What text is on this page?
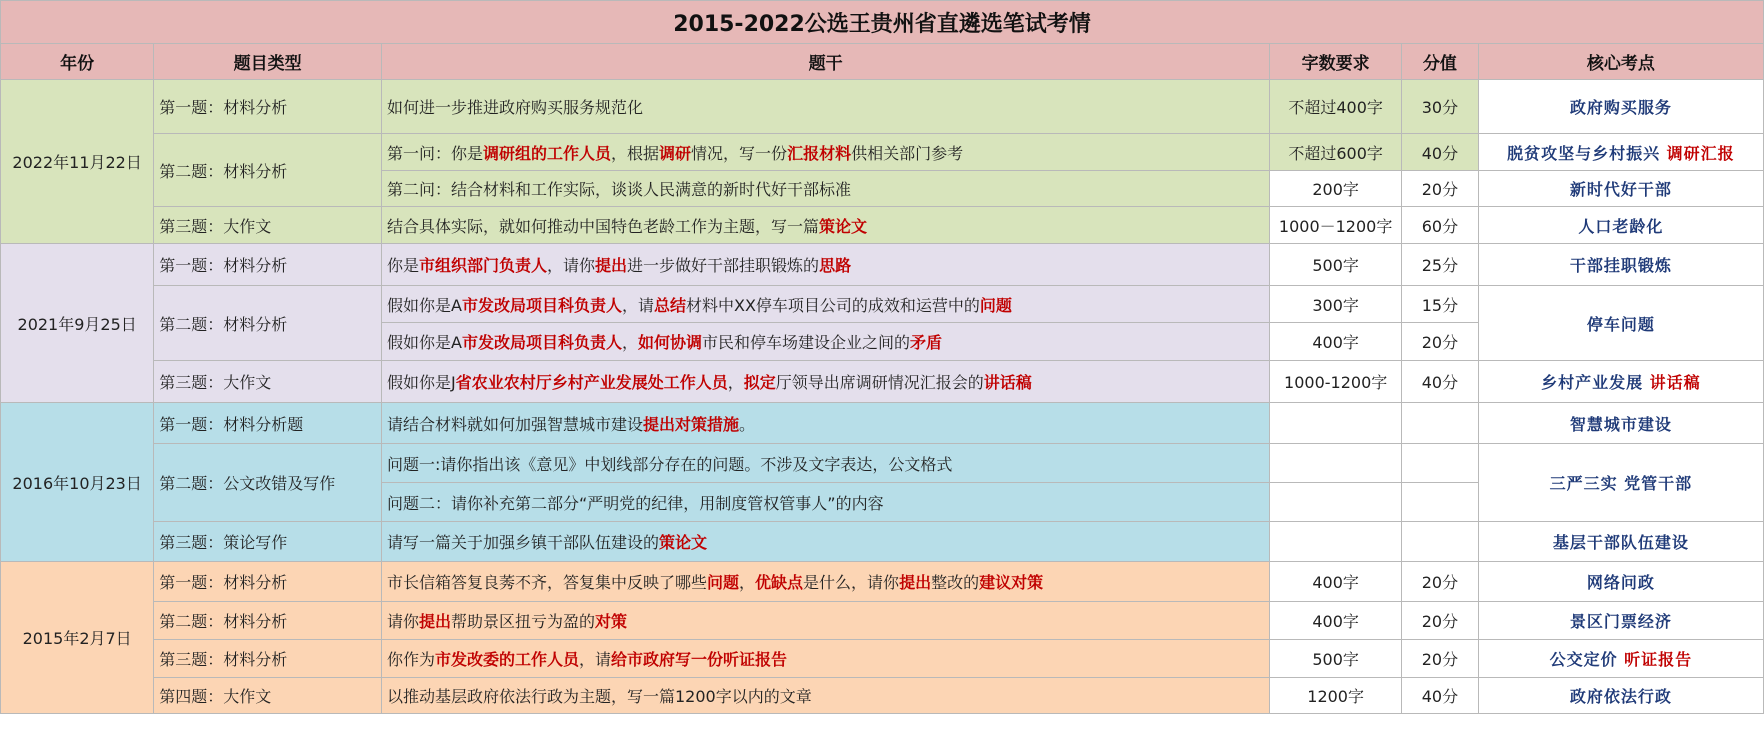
2015-2022公选王贵州省直遴选笔试考情					
年份	题目类型	题干	字数要求	分值	核心考点
2022年11月22日	第一题：材料分析	如何进一步推进政府购买服务规范化	不超过400字	30分	政府购买服务
	第二题：材料分析	第一问：你是调研组的工作人员，根据调研情况，写一份汇报材料供相关部门参考	不超过600字	40分	脱贫攻坚与乡村振兴 调研汇报
		第二问：结合材料和工作实际，谈谈人民满意的新时代好干部标准	200字	20分	新时代好干部
	第三题：大作文	结合具体实际，就如何推动中国特色老龄工作为主题，写一篇策论文	1000－1200字	60分	人口老龄化
2021年9月25日	第一题：材料分析	你是市组织部门负责人，请你提出进一步做好干部挂职锻炼的思路	500字	25分	干部挂职锻炼
	第二题：材料分析	假如你是A市发改局项目科负责人，请总结材料中XX停车项目公司的成效和运营中的问题	300字	15分	停车问题
		假如你是A市发改局项目科负责人，如何协调市民和停车场建设企业之间的矛盾	400字	20分	
	第三题：大作文	假如你是J省农业农村厅乡村产业发展处工作人员，拟定厅领导出席调研情况汇报会的讲话稿	1000-1200字	40分	乡村产业发展 讲话稿
2016年10月23日	第一题：材料分析题	请结合材料就如何加强智慧城市建设提出对策措施。			智慧城市建设
	第二题：公文改错及写作	问题一:请你指出该《意见》中划线部分存在的问题。不涉及文字表达，公文格式			三严三实 党管干部
		问题二：请你补充第二部分“严明党的纪律，用制度管权管事人”的内容			
	第三题：策论写作	请写一篇关于加强乡镇干部队伍建设的策论文			基层干部队伍建设
2015年2月7日	第一题：材料分析	市长信箱答复良莠不齐，答复集中反映了哪些问题，优缺点是什么，请你提出整改的建议对策	400字	20分	网络问政
	第二题：材料分析	请你提出帮助景区扭亏为盈的对策	400字	20分	景区门票经济
	第三题：材料分析	你作为市发改委的工作人员，请给市政府写一份听证报告	500字	20分	公交定价 听证报告
	第四题：大作文	以推动基层政府依法行政为主题，写一篇1200字以内的文章	1200字	40分	政府依法行政
